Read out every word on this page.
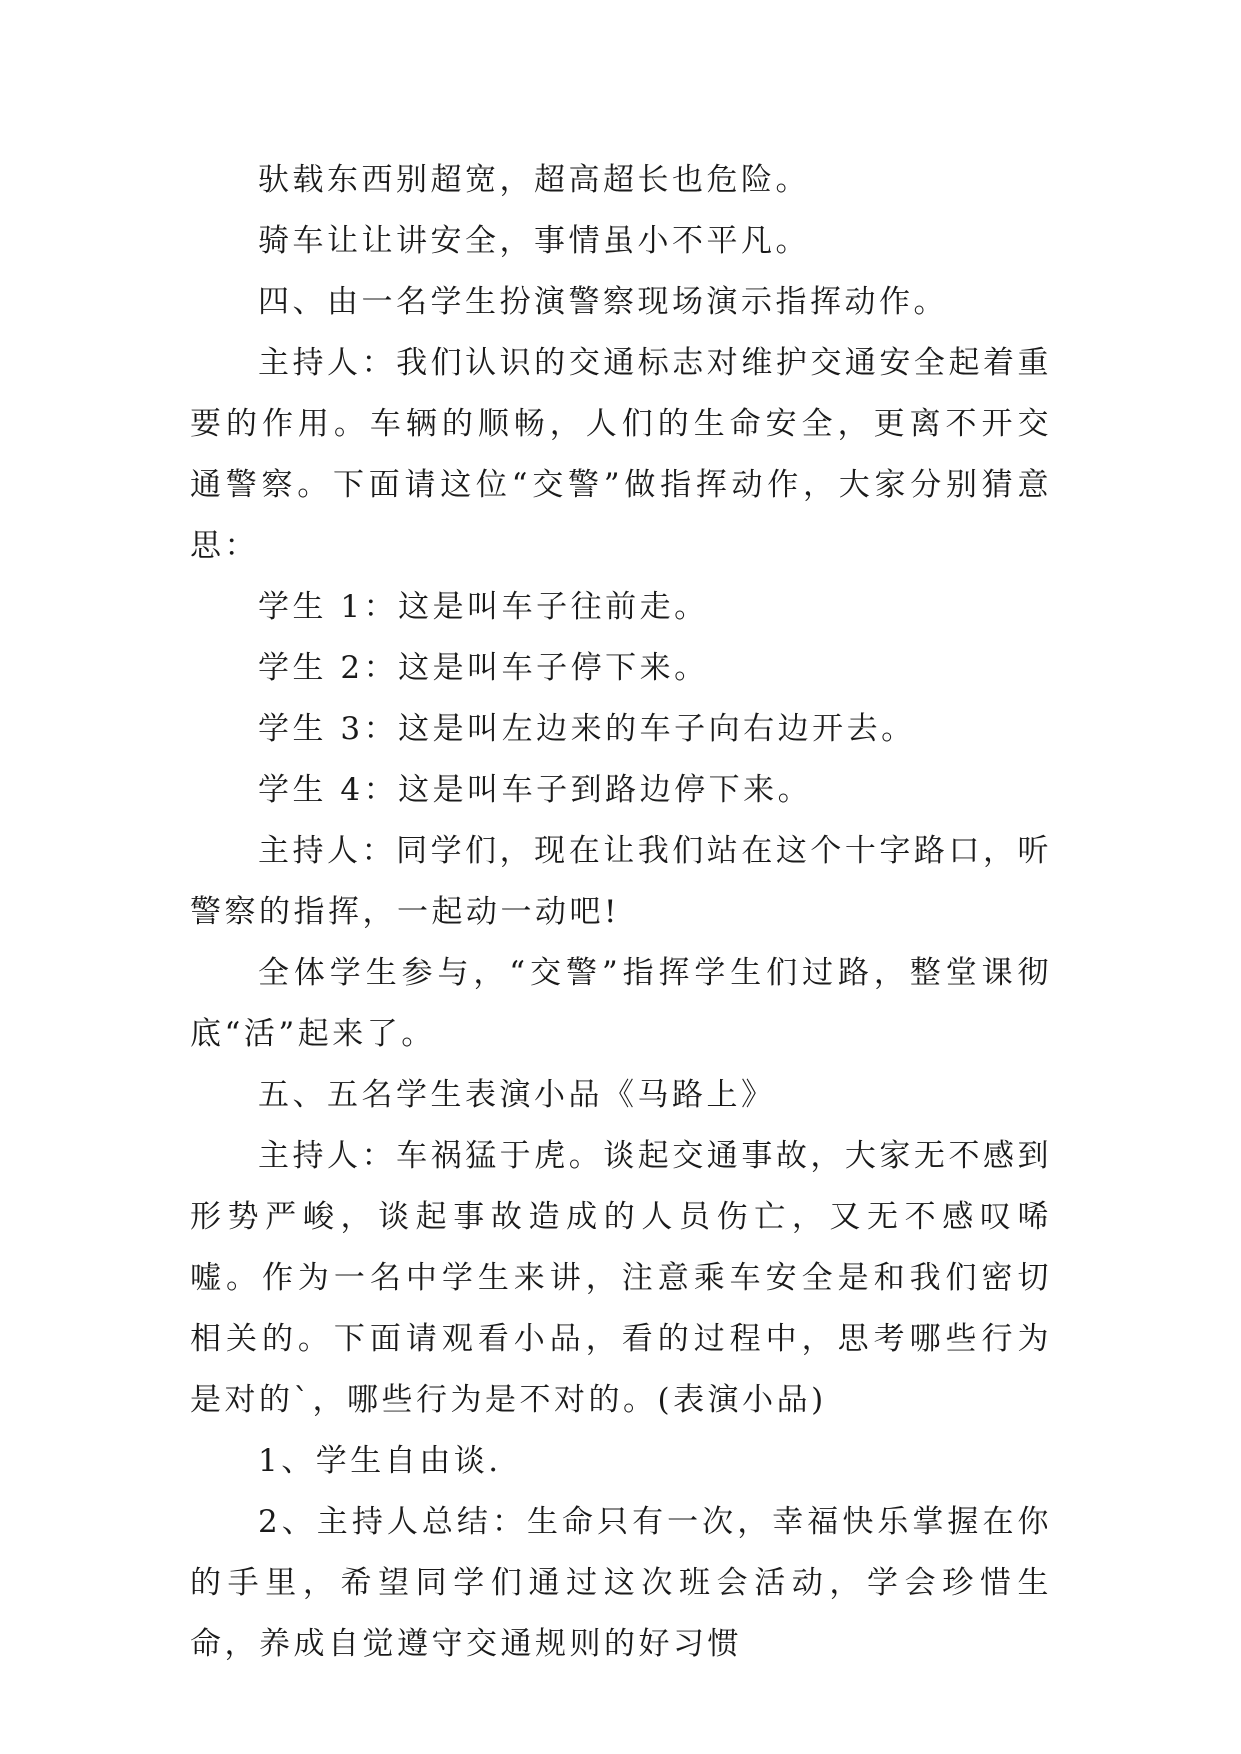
驮载东西别超宽，超高超长也危险。

骑车让让讲安全，事情虽小不平凡。

四、由一名学生扮演警察现场演示指挥动作。

主持人：我们认识的交通标志对维护交通安全起着重要的作用。车辆的顺畅，人们的生命安全，更离不开交通警察。下面请这位“交警”做指挥动作，大家分别猜意思：

学生 1：这是叫车子往前走。

学生 2：这是叫车子停下来。

学生 3：这是叫左边来的车子向右边开去。

学生 4：这是叫车子到路边停下来。

主持人：同学们，现在让我们站在这个十字路口，听警察的指挥，一起动一动吧!

全体学生参与，“交警”指挥学生们过路，整堂课彻底“活”起来了。

五、五名学生表演小品《马路上》

主持人：车祸猛于虎。谈起交通事故，大家无不感到形势严峻，谈起事故造成的人员伤亡，又无不感叹唏嘘。作为一名中学生来讲，注意乘车安全是和我们密切相关的。下面请观看小品，看的过程中，思考哪些行为是对的`，哪些行为是不对的。(表演小品)

1、学生自由谈.

2、主持人总结：生命只有一次，幸福快乐掌握在你的手里，希望同学们通过这次班会活动，学会珍惜生命，养成自觉遵守交通规则的好习惯
